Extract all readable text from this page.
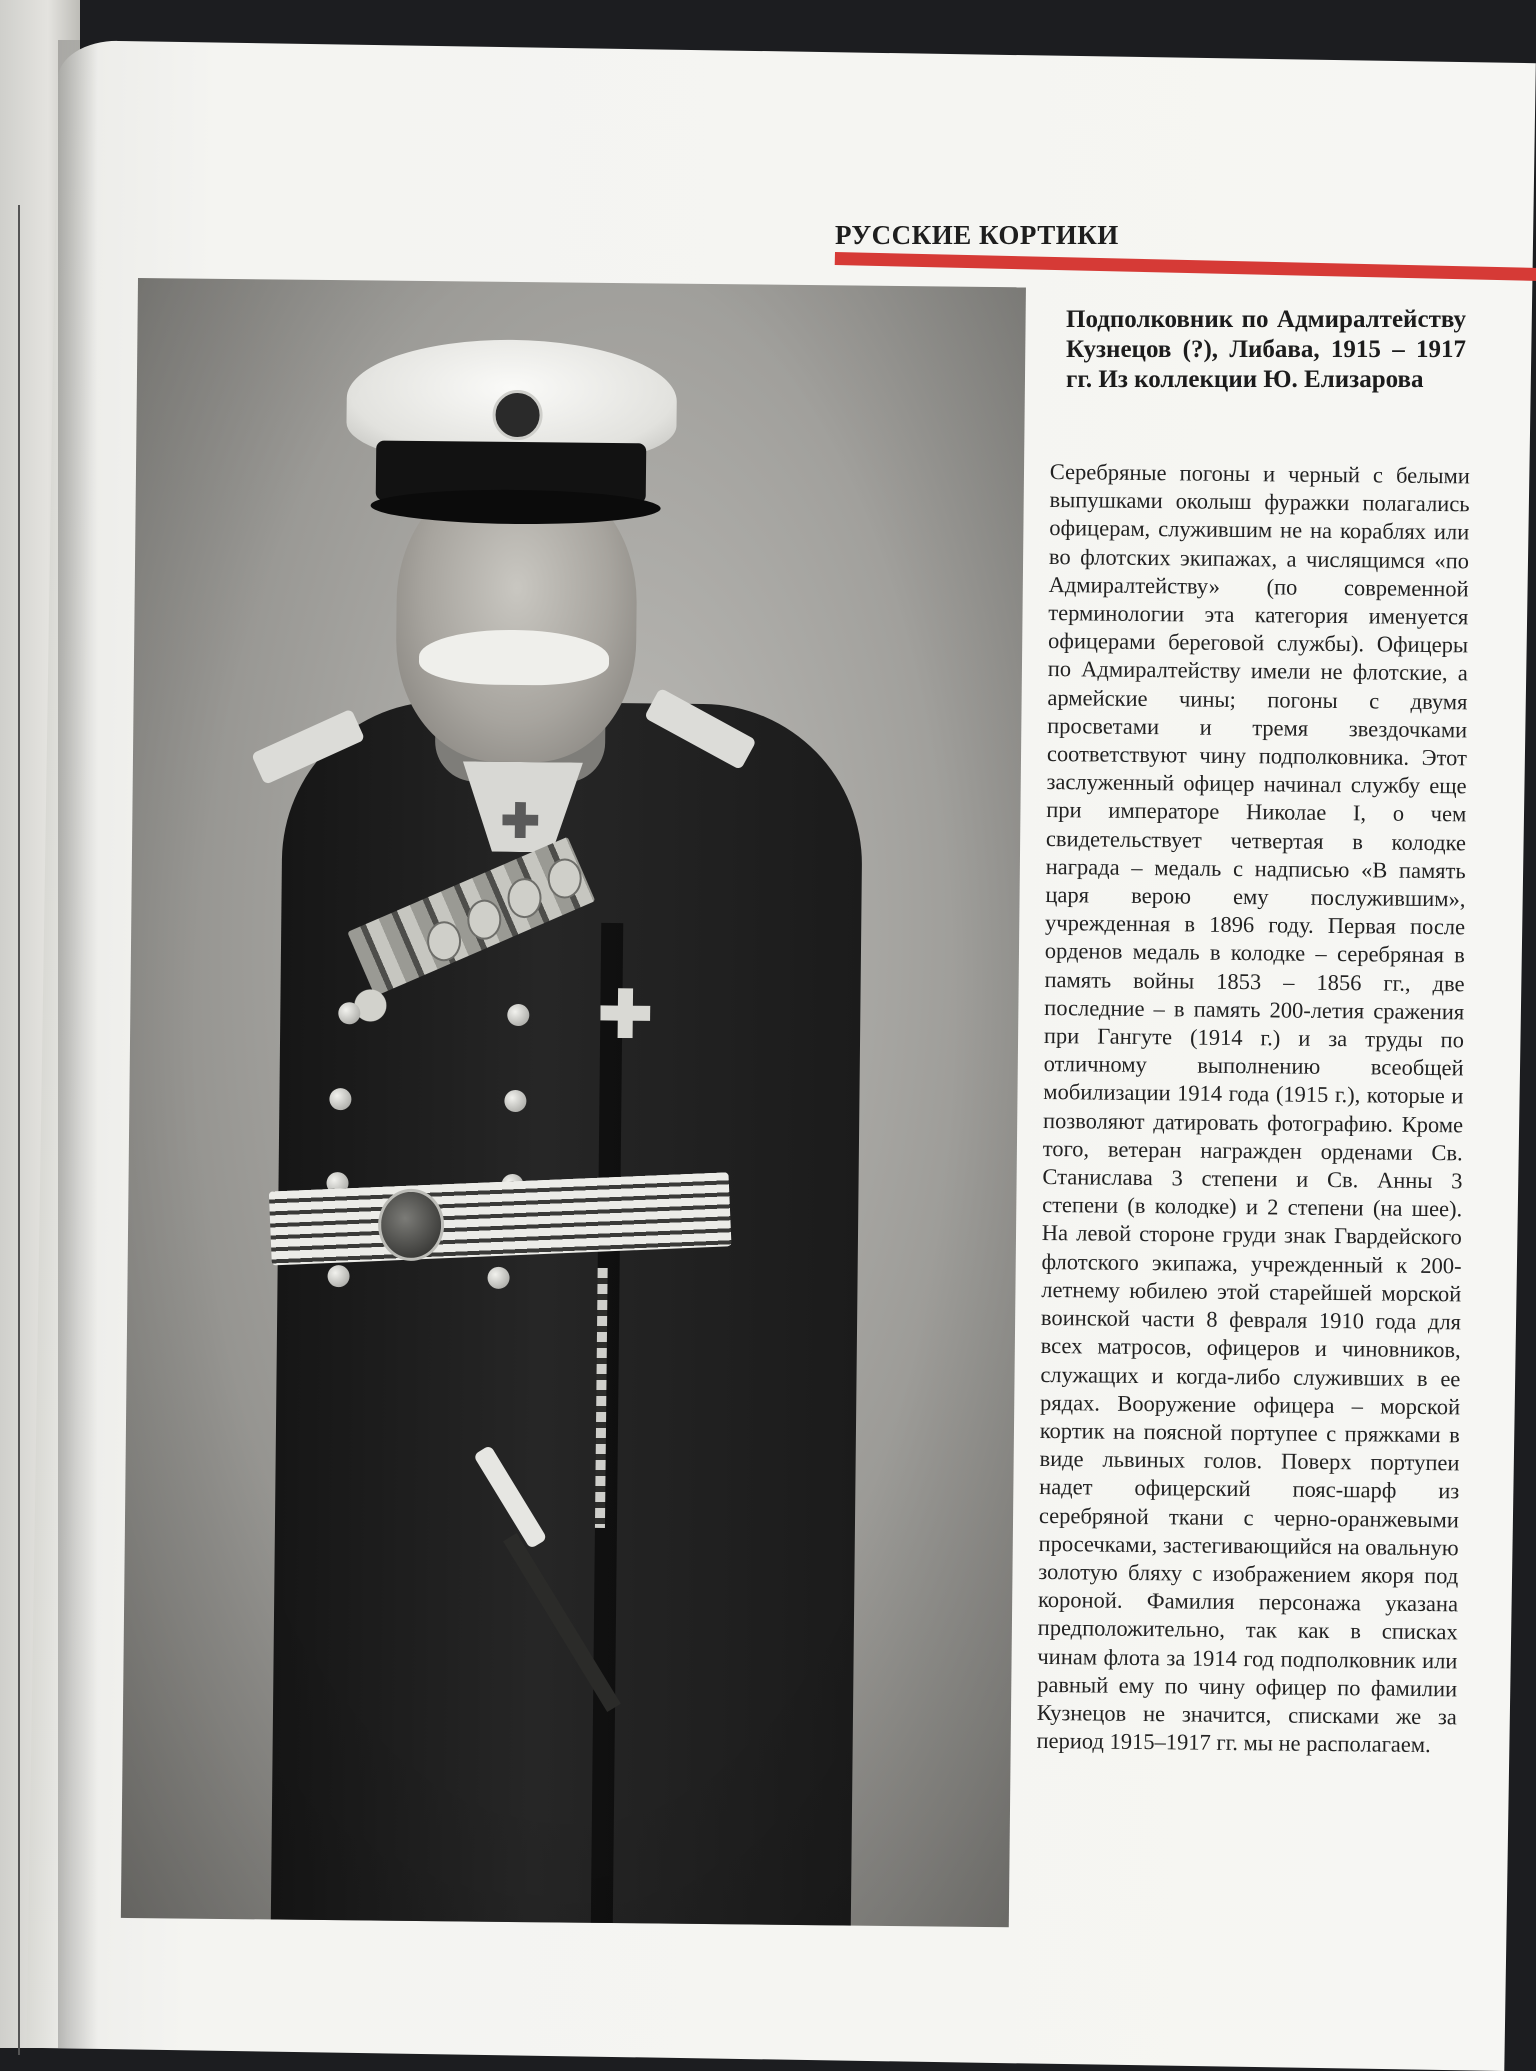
РУССКИЕ КОРТИКИ

Подполковник по Адмиралтейству Кузнецов (?), Либава, 1915 – 1917 гг. Из коллекции Ю. Елизарова

Серебряные погоны и черный с белыми выпушками околыш фуражки полагались офицерам, служившим не на кораблях или во флотских экипажах, а числящимся «по Адмиралтейству» (по современной терминологии эта категория именуется офицерами береговой службы). Офицеры по Адмиралтейству имели не флотские, а армейские чины; погоны с двумя просветами и тремя звездочками соответствуют чину подполковника. Этот заслуженный офицер начинал службу еще при императоре Николае I, о чем свидетельствует четвертая в колодке награда – медаль с надписью «В память царя верою ему послужившим», учрежденная в 1896 году. Первая после орденов медаль в колодке – серебряная в память войны 1853 – 1856 гг., две последние – в память 200-летия сражения при Гангуте (1914 г.) и за труды по отличному выполнению всеобщей мобилизации 1914 года (1915 г.), которые и позволяют датировать фотографию. Кроме того, ветеран награжден орденами Св. Станислава 3 степени и Св. Анны 3 степени (в колодке) и 2 степени (на шее). На левой стороне груди знак Гвардейского флотского экипажа, учрежденный к 200-летнему юбилею этой старейшей морской воинской части 8 февраля 1910 года для всех матросов, офицеров и чиновников, служащих и когда-либо служивших в ее рядах. Вооружение офицера – морской кортик на поясной портупее с пряжками в виде львиных голов. Поверх портупеи надет офицерский пояс-шарф из серебряной ткани с черно-оранжевыми просечками, застегивающийся на овальную золотую бляху с изображением якоря под короной. Фамилия персонажа указана предположительно, так как в списках чинам флота за 1914 год подполковник или равный ему по чину офицер по фамилии Кузнецов не значится, списками же за период 1915–1917 гг. мы не располагаем.
